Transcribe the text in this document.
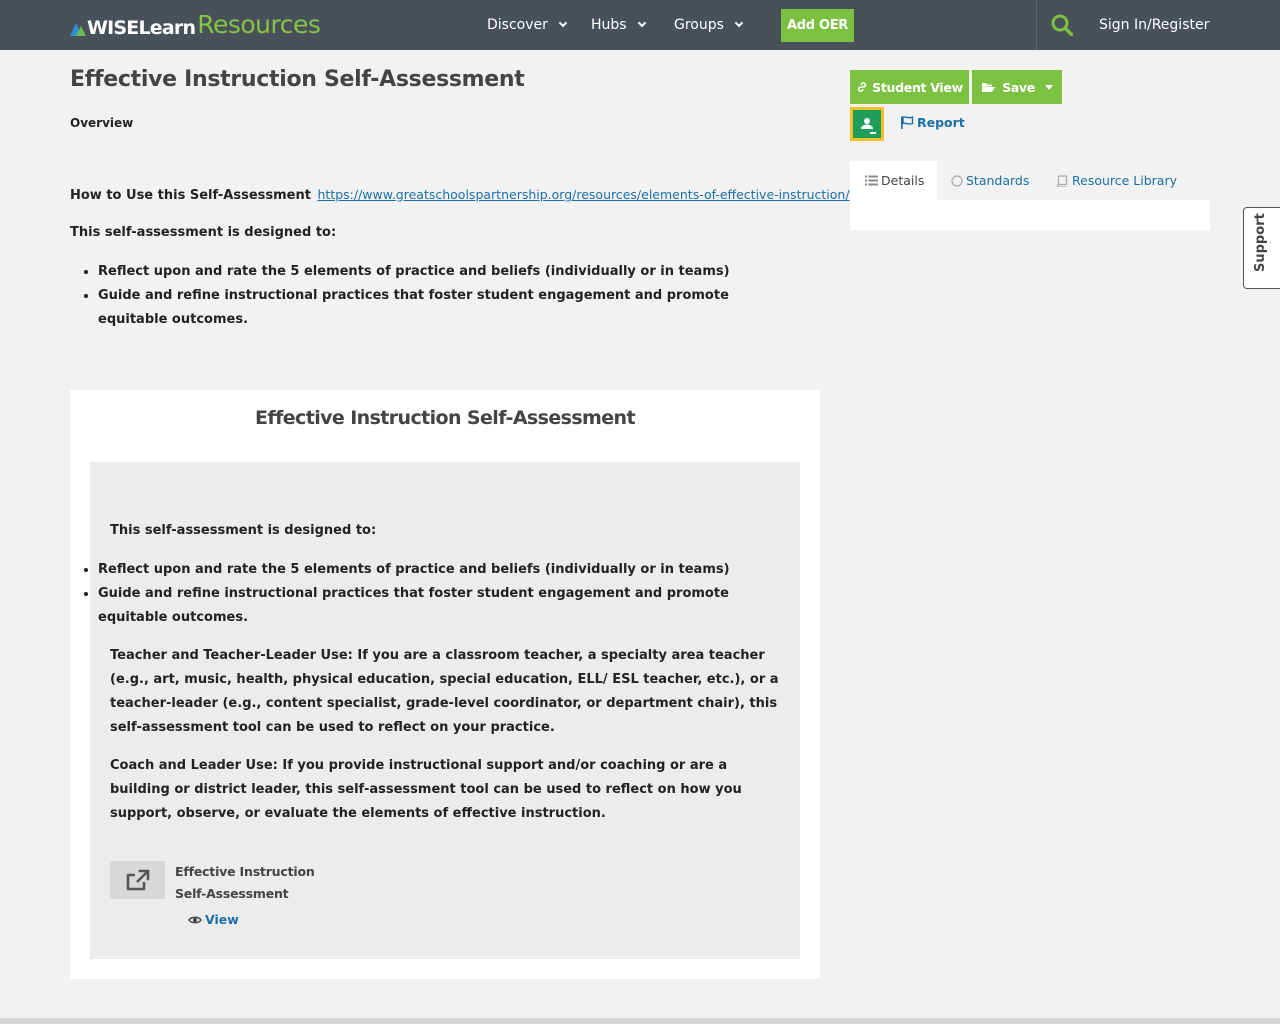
WISELearn Resources	Discover	Hubs	Groups	Add OER	Sign In/Register
Effective Instruction Self-Assessment
Overview
How to Use this Self-Assessment https://www.greatschoolspartnership.org/resources/elements-of-effective-instruction/
This self-assessment is designed to:
• Reflect upon and rate the 5 elements of practice and beliefs (individually or in teams)
• Guide and refine instructional practices that foster student engagement and promote equitable outcomes.
Effective Instruction Self-Assessment
This self-assessment is designed to:
• Reflect upon and rate the 5 elements of practice and beliefs (individually or in teams)
• Guide and refine instructional practices that foster student engagement and promote equitable outcomes.

Teacher and Teacher-Leader Use: If you are a classroom teacher, a specialty area teacher (e.g., art, music, health, physical education, special education, ELL/ ESL teacher, etc.), or a teacher-leader (e.g., content specialist, grade-level coordinator, or department chair), this self-assessment tool can be used to reflect on your practice.

Coach and Leader Use: If you provide instructional support and/or coaching or are a building or district leader, this self-assessment tool can be used to reflect on how you support, observe, or evaluate the elements of effective instruction.

Effective Instruction Self-Assessment
View
Student View	Save
Report
Details	Standards	Resource Library
Support
